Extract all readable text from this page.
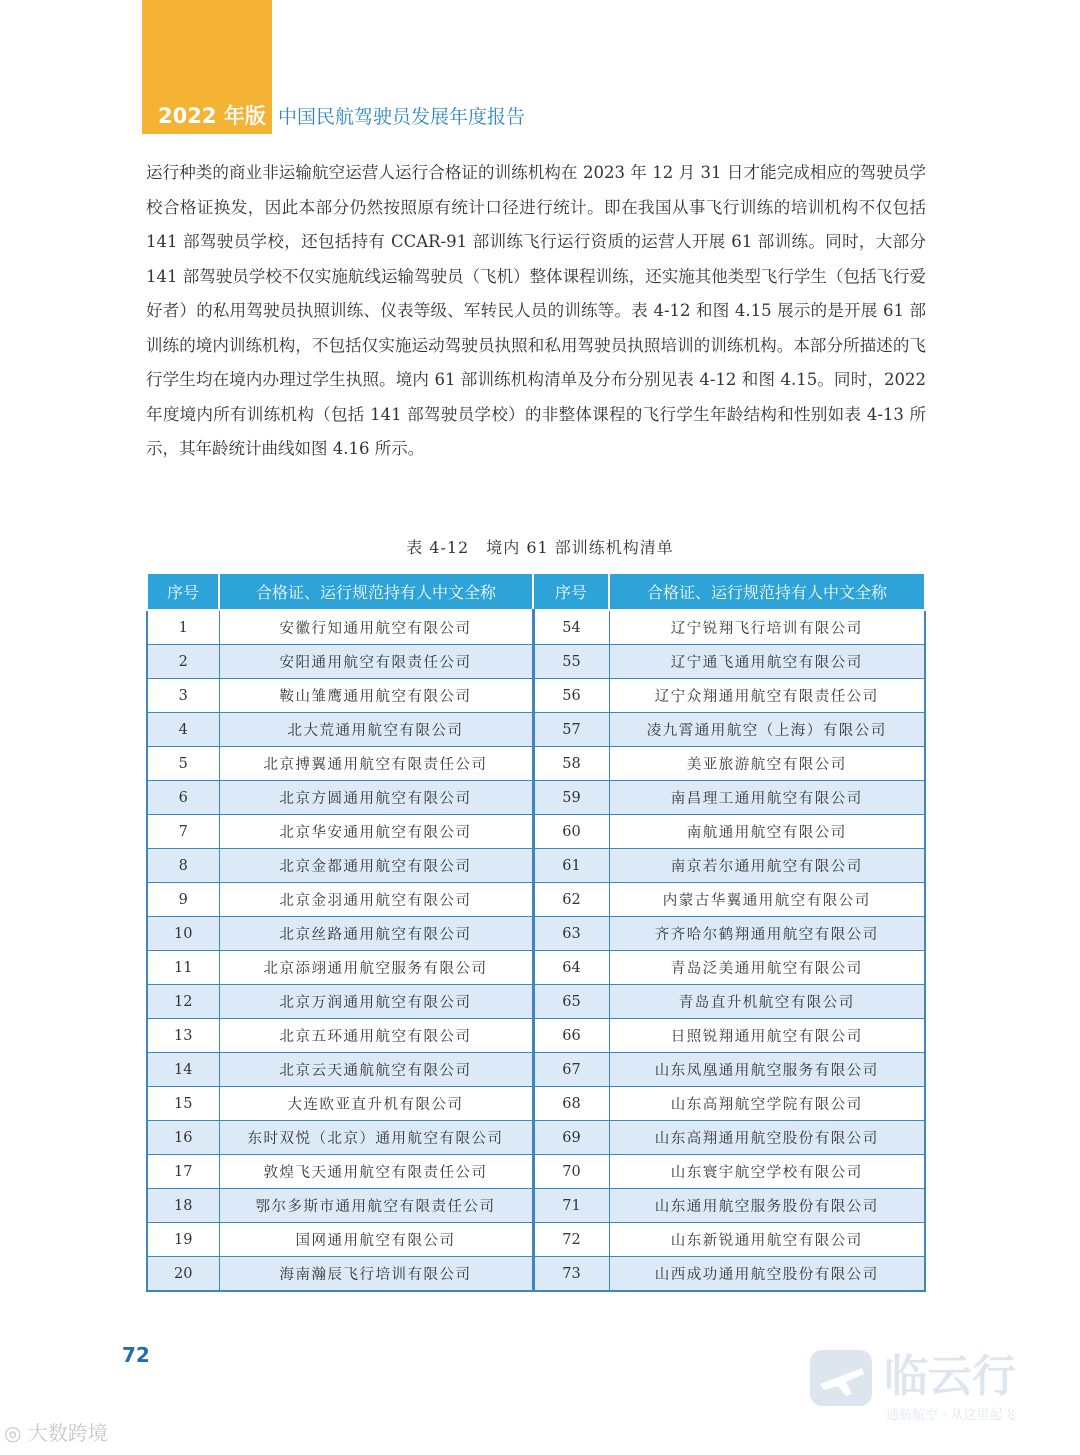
2022 年版 中国民航驾驶员发展年度报告

运行种类的商业非运输航空运营人运行合格证的训练机构在 2023 年 12 月 31 日才能完成相应的驾驶员学校合格证换发，因此本部分仍然按照原有统计口径进行统计。即在我国从事飞行训练的培训机构不仅包括 141 部驾驶员学校，还包括持有 CCAR-91 部训练飞行运行资质的运营人开展 61 部训练。同时，大部分 141 部驾驶员学校不仅实施航线运输驾驶员（飞机）整体课程训练，还实施其他类型飞行学生（包括飞行爱好者）的私用驾驶员执照训练、仪表等级、军转民人员的训练等。表 4-12 和图 4.15 展示的是开展 61 部训练的境内训练机构，不包括仅实施运动驾驶员执照和私用驾驶员执照培训的训练机构。本部分所描述的飞行学生均在境内办理过学生执照。境内 61 部训练机构清单及分布分别见表 4-12 和图 4.15。同时，2022 年度境内所有训练机构（包括 141 部驾驶员学校）的非整体课程的飞行学生年龄结构和性别如表 4-13 所示，其年龄统计曲线如图 4.16 所示。

表 4-12　境内 61 部训练机构清单
序号	合格证、运行规范持有人中文全称	序号	合格证、运行规范持有人中文全称
1	安徽行知通用航空有限公司	54	辽宁锐翔飞行培训有限公司
2	安阳通用航空有限责任公司	55	辽宁通飞通用航空有限公司
3	鞍山雏鹰通用航空有限公司	56	辽宁众翔通用航空有限责任公司
4	北大荒通用航空有限公司	57	凌九霄通用航空（上海）有限公司
5	北京搏翼通用航空有限责任公司	58	美亚旅游航空有限公司
6	北京方圆通用航空有限公司	59	南昌理工通用航空有限公司
7	北京华安通用航空有限公司	60	南航通用航空有限公司
8	北京金都通用航空有限公司	61	南京若尔通用航空有限公司
9	北京金羽通用航空有限公司	62	内蒙古华翼通用航空有限公司
10	北京丝路通用航空有限公司	63	齐齐哈尔鹤翔通用航空有限公司
11	北京添翊通用航空服务有限公司	64	青岛泛美通用航空有限公司
12	北京万润通用航空有限公司	65	青岛直升机航空有限公司
13	北京五环通用航空有限公司	66	日照锐翔通用航空有限公司
14	北京云天通航航空有限公司	67	山东凤凰通用航空服务有限公司
15	大连欧亚直升机有限公司	68	山东高翔航空学院有限公司
16	东时双悦（北京）通用航空有限公司	69	山东高翔通用航空股份有限公司
17	敦煌飞天通用航空有限责任公司	70	山东寰宇航空学校有限公司
18	鄂尔多斯市通用航空有限责任公司	71	山东通用航空服务股份有限公司
19	国网通用航空有限公司	72	山东新锐通用航空有限公司
20	海南瀚辰飞行培训有限公司	73	山西成功通用航空股份有限公司
72
◎ 大数跨境
临云行
通航航空 · 从这里起飞
